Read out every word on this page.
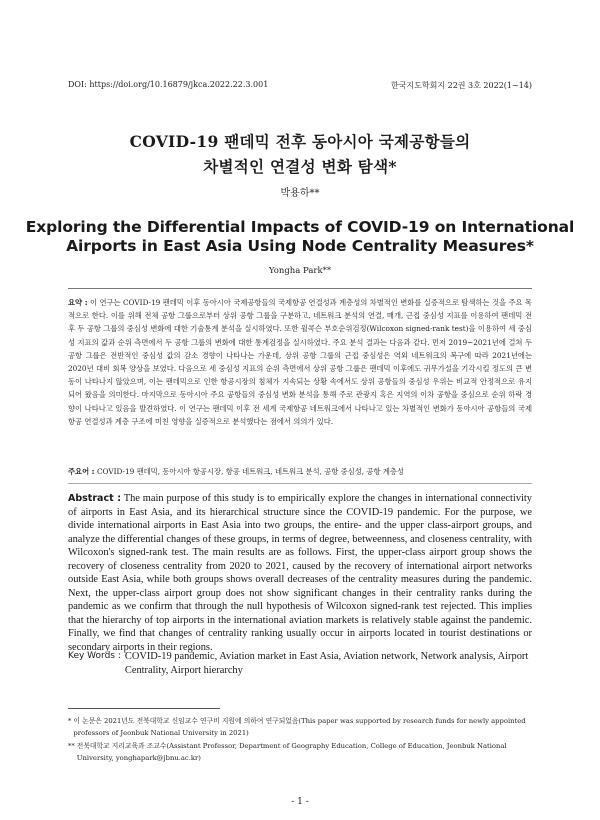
DOI: https://doi.org/10.16879/jkca.2022.22.3.001	한국지도학회지 22권 3호 2022(1~14)
COVID-19 팬데믹 전후 동아시아 국제공항들의
차별적인 연결성 변화 탐색*
박용하**
Exploring the Differential Impacts of COVID-19 on International
Airports in East Asia Using Node Centrality Measures*
Yongha Park**
요약 : 이 연구는 COVID-19 팬데믹 이후 동아시아 국제공항들의 국제항공 연결성과 계층성의 차별적인 변화를 실증적으로 탐색하는 것을 주요 목적으로 한다. 이를 위해 전체 공항 그룹으로부터 상위 공항 그룹을 구분하고, 네트워크 분석의 연결, 매개, 근접 중심성 지표를 이용하여 팬데믹 전후 두 공항 그룹의 중심성 변화에 대한 기술통계 분석을 실시하였다. 또한 윌콕슨 부호순위검정(Wilcoxon signed-rank test)을 이용하여 세 중심성 지표의 값과 순위 측면에서 두 공항 그룹의 변화에 대한 통계검정을 실시하였다. 주요 분석 결과는 다음과 같다. 먼저 2019~2021년에 걸쳐 두 공항 그룹은 전반적인 중심성 값의 감소 경향이 나타나는 가운데, 상위 공항 그룹의 근접 중심성은 역외 네트워크의 복구에 따라 2021년에는 2020년 대비 회복 양상을 보였다. 다음으로 세 중심성 지표의 순위 측면에서 상위 공항 그룹은 팬데믹 이후에도 귀무가설을 기각시킬 정도의 큰 변동이 나타나지 않았으며, 이는 팬데믹으로 인한 항공시장의 침체가 지속되는 상황 속에서도 상위 공항들의 중심성 우위는 비교적 안정적으로 유지되어 왔음을 의미한다. 마지막으로 동아시아 주요 공항들의 중심성 변화 분석을 통해 주로 관광지 혹은 지역의 이차 공항을 중심으로 순위 하락 경향이 나타나고 있음을 발견하였다. 이 연구는 팬데믹 이후 전 세계 국제항공 네트워크에서 나타나고 있는 차별적인 변화가 동아시아 공항들의 국제항공 연결성과 계층 구조에 미친 영향을 실증적으로 분석했다는 점에서 의의가 있다.
주요어 : COVID-19 팬데믹, 동아시아 항공시장, 항공 네트워크, 네트워크 분석, 공항 중심성, 공항 계층성
Abstract : The main purpose of this study is to empirically explore the changes in international connectivity of airports in East Asia, and its hierarchical structure since the COVID-19 pandemic. For the purpose, we divide international airports in East Asia into two groups, the entire- and the upper class-airport groups, and analyze the differential changes of these groups, in terms of degree, betweenness, and closeness centrality, with Wilcoxon's signed-rank test. The main results are as follows. First, the upper-class airport group shows the recovery of closeness centrality from 2020 to 2021, caused by the recovery of international airport networks outside East Asia, while both groups shows overall decreases of the centrality measures during the pandemic. Next, the upper-class airport group does not show significant changes in their centrality ranks during the pandemic as we confirm that through the null hypothesis of Wilcoxon signed-rank test rejected. This implies that the hierarchy of top airports in the international aviation markets is relatively stable against the pandemic. Finally, we find that changes of centrality ranking usually occur in airports located in tourist destinations or secondary airports in their regions.
Key Words : COVID-19 pandemic, Aviation market in East Asia, Aviation network, Network analysis, Airport Centrality, Airport hierarchy
* 이 논문은 2021년도 전북대학교 신임교수 연구비 지원에 의하여 연구되었음(This paper was supported by research funds for newly appointed professors of Jeonbuk National University in 2021)
** 전북대학교 지리교육과 조교수(Assistant Professor, Department of Geography Education, College of Education, Jeonbuk National University, yonghapark@jbnu.ac.kr)
- 1 -
